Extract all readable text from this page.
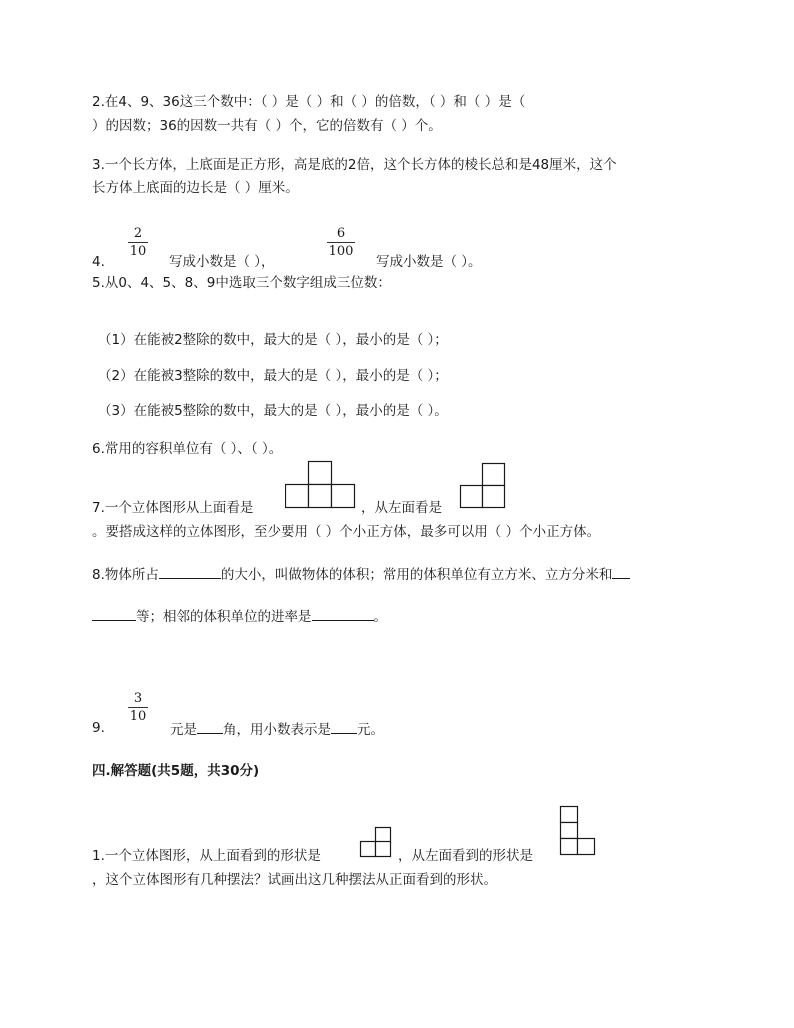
2.在4、9、36这三个数中：（ ）是（ ）和（ ）的倍数，（ ）和（ ）是（
）的因数；36的因数一共有（ ）个，它的倍数有（ ）个。
3.一个长方体，上底面是正方形，高是底的2倍，这个长方体的棱长总和是48厘米，这个
长方体上底面的边长是（ ）厘米。
2
10
4.	写成小数是（ ），
6
100
写成小数是（ ）。
5.从0、4、5、8、9中选取三个数字组成三位数：
（1）在能被2整除的数中，最大的是（ ），最小的是（ ）；
（2）在能被3整除的数中，最大的是（ ），最小的是（ ）；
（3）在能被5整除的数中，最大的是（ ），最小的是（ ）。
6.常用的容积单位有（ ）、（ ）。
7.一个立体图形从上面看是	，从左面看是
。要搭成这样的立体图形，至少要用（ ）个小正方体，最多可以用（ ）个小正方体。
8.物体所占	的大小，叫做物体的体积；常用的体积单位有立方米、立方分米和
等；相邻的体积单位的进率是	。
3
10
9.	元是 角，用小数表示是 元。
四.解答题(共5题，共30分)
1.一个立体图形，从上面看到的形状是	，从左面看到的形状是
，这个立体图形有几种摆法？试画出这几种摆法从正面看到的形状。
